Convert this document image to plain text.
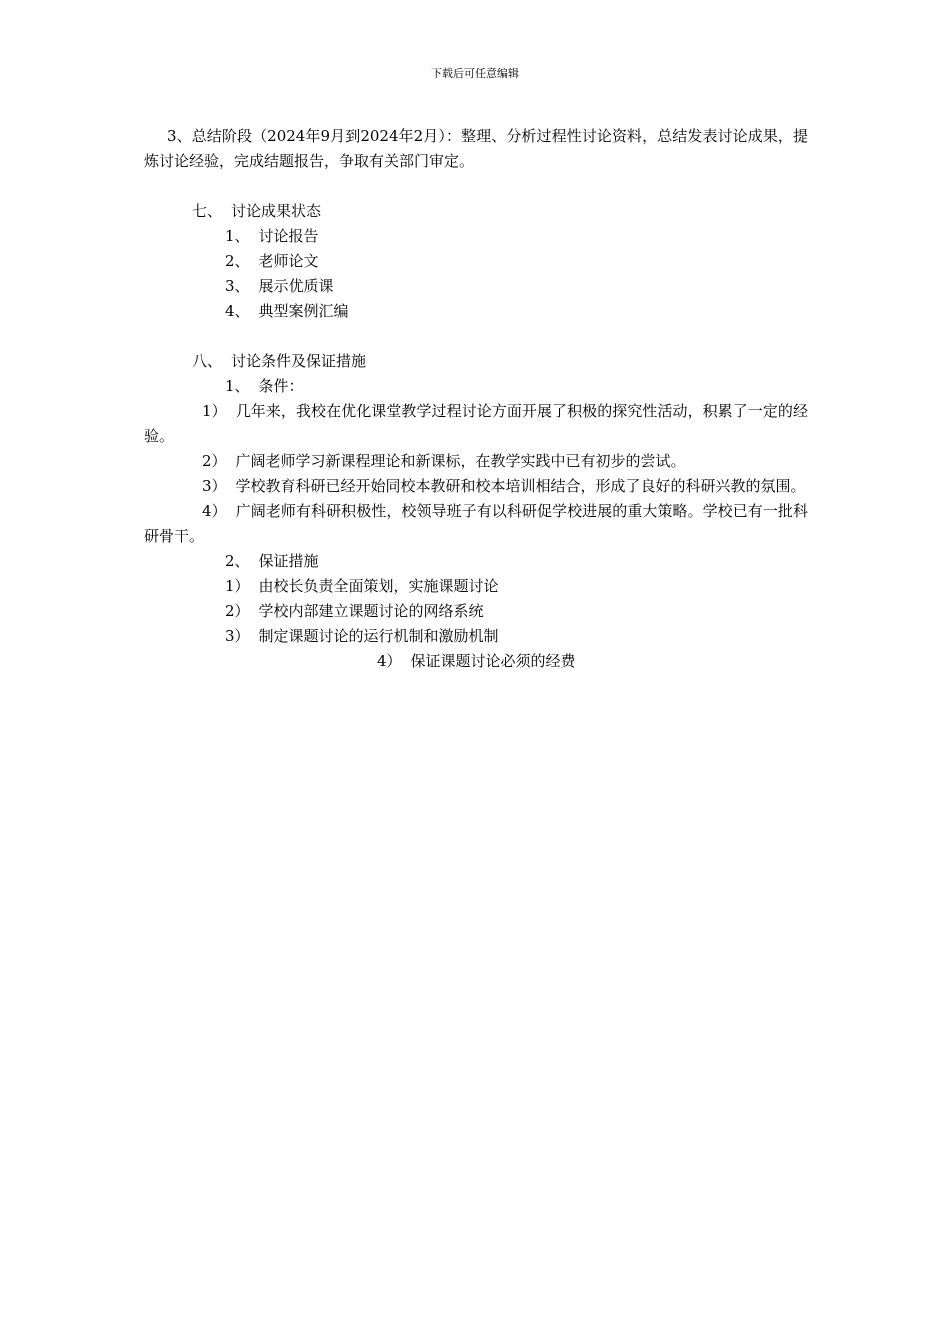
下载后可任意编辑
3、总结阶段（2024年9月到2024年2月）：整理、分析过程性讨论资料，总结发表讨论成果，提炼讨论经验，完成结题报告，争取有关部门审定。
七、 讨论成果状态
1、 讨论报告
2、 老师论文
3、 展示优质课
4、 典型案例汇编
八、 讨论条件及保证措施
1、 条件：
1） 几年来，我校在优化课堂教学过程讨论方面开展了积极的探究性活动，积累了一定的经验。
2） 广阔老师学习新课程理论和新课标，在教学实践中已有初步的尝试。
3） 学校教育科研已经开始同校本教研和校本培训相结合，形成了良好的科研兴教的氛围。
4） 广阔老师有科研积极性，校领导班子有以科研促学校进展的重大策略。学校已有一批科研骨干。
2、 保证措施
1） 由校长负责全面策划，实施课题讨论
2） 学校内部建立课题讨论的网络系统
3） 制定课题讨论的运行机制和激励机制
4） 保证课题讨论必须的经费
